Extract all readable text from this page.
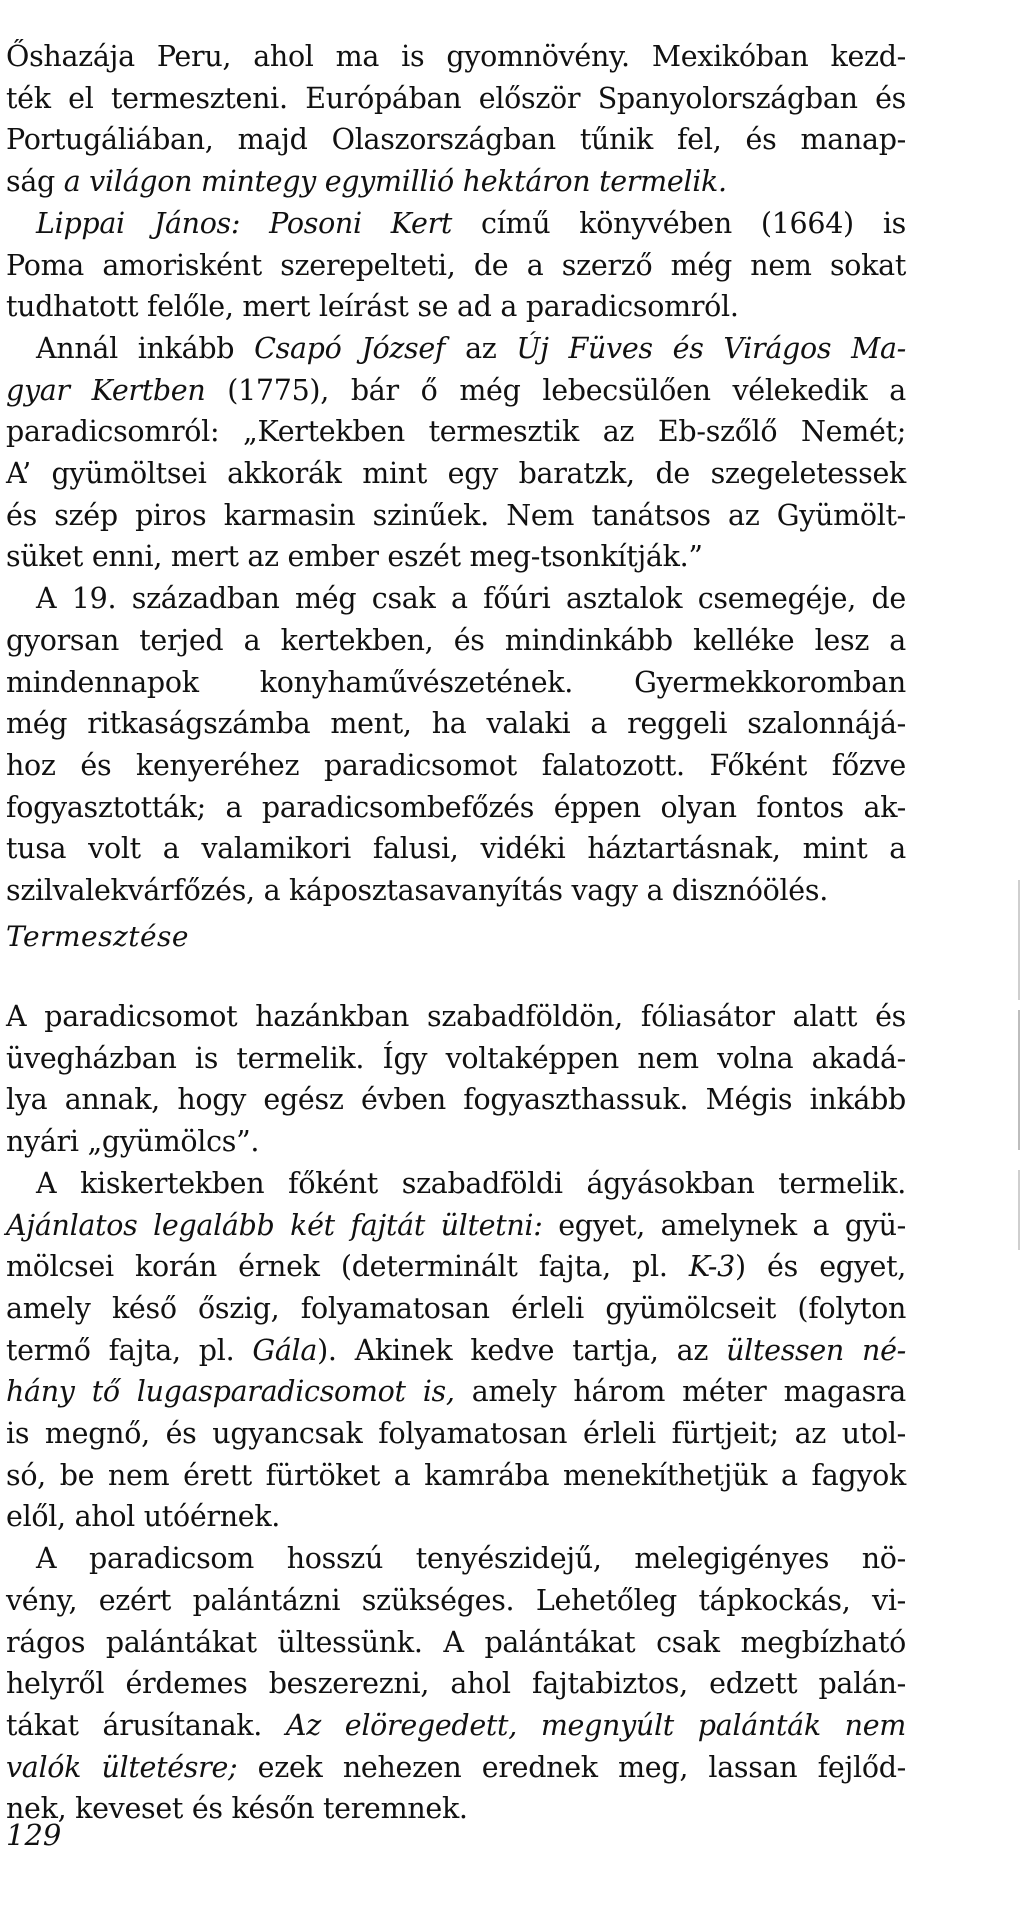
Őshazája Peru, ahol ma is gyomnövény. Mexikóban kezd-
ték el termeszteni. Európában először Spanyolországban és
Portugáliában, majd Olaszországban tűnik fel, és manap-
ság a világon mintegy egymillió hektáron termelik.

Lippai János: Posoni Kert című könyvében (1664) is
Poma amorisként szerepelteti, de a szerző még nem sokat
tudhatott felőle, mert leírást se ad a paradicsomról.

Annál inkább Csapó József az Új Füves és Virágos Ma-
gyar Kertben (1775), bár ő még lebecsülően vélekedik a
paradicsomról: „Kertekben termesztik az Eb-szőlő Nemét;
A’ gyümöltsei akkorák mint egy baratzk, de szegeletessek
és szép piros karmasin szinűek. Nem tanátsos az Gyümölt-
süket enni, mert az ember eszét meg-tsonkítják.”

A 19. században még csak a főúri asztalok csemegéje, de
gyorsan terjed a kertekben, és mindinkább kelléke lesz a
mindennapok konyhaművészetének. Gyermekkoromban
még ritkaságszámba ment, ha valaki a reggeli szalonnájá-
hoz és kenyeréhez paradicsomot falatozott. Főként főzve
fogyasztották; a paradicsombefőzés éppen olyan fontos ak-
tusa volt a valamikori falusi, vidéki háztartásnak, mint a
szilvalekvárfőzés, a káposztasavanyítás vagy a disznóölés.

Termesztése

A paradicsomot hazánkban szabadföldön, fóliasátor alatt és
üvegházban is termelik. Így voltaképpen nem volna akadá-
lya annak, hogy egész évben fogyaszthassuk. Mégis inkább
nyári „gyümölcs”.

A kiskertekben főként szabadföldi ágyásokban termelik.
Ajánlatos legalább két fajtát ültetni: egyet, amelynek a gyü-
mölcsei korán érnek (determinált fajta, pl. K-3) és egyet,
amely késő őszig, folyamatosan érleli gyümölcseit (folyton
termő fajta, pl. Gála). Akinek kedve tartja, az ültessen né-
hány tő lugasparadicsomot is, amely három méter magasra
is megnő, és ugyancsak folyamatosan érleli fürtjeit; az utol-
só, be nem érett fürtöket a kamrába menekíthetjük a fagyok
elől, ahol utóérnek.

A paradicsom hosszú tenyészidejű, melegigényes nö-
vény, ezért palántázni szükséges. Lehetőleg tápkockás, vi-
rágos palántákat ültessünk. A palántákat csak megbízható
helyről érdemes beszerezni, ahol fajtabiztos, edzett palán-
tákat árusítanak. Az elöregedett, megnyúlt palánták nem
valók ültetésre; ezek nehezen erednek meg, lassan fejlőd-
nek, keveset és későn teremnek.

129
